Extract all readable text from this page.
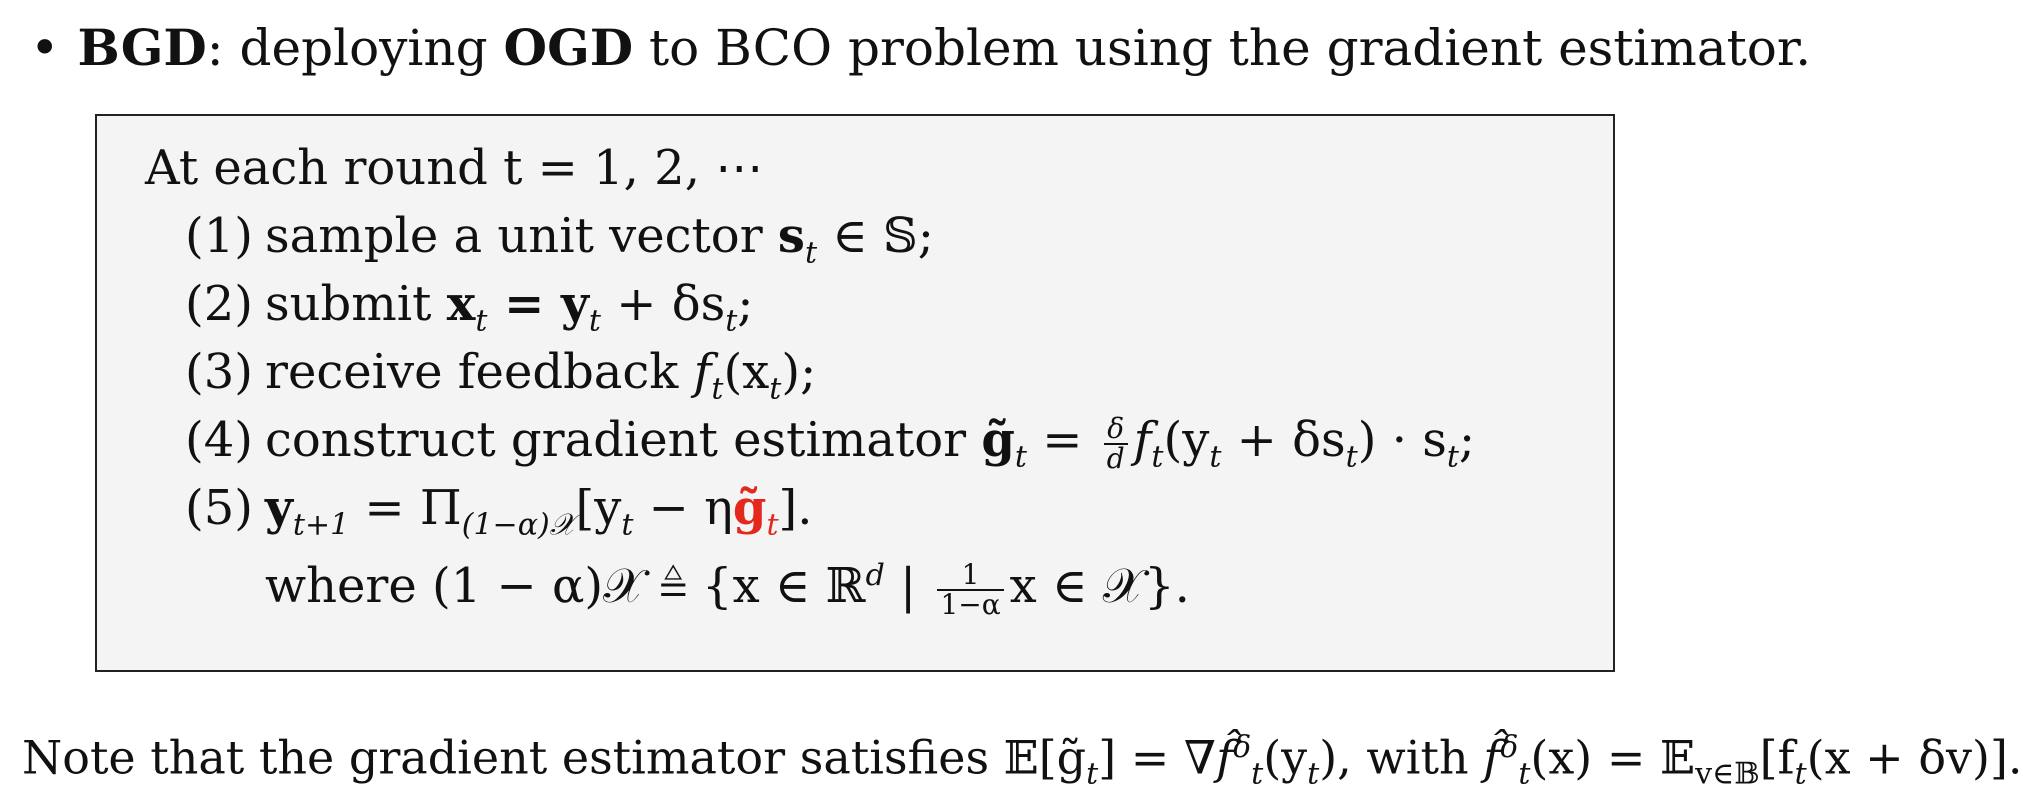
• BGD: deploying OGD to BCO problem using the gradient estimator.
At each round t = 1, 2, ⋯
(1) sample a unit vector $s_t$ ∈ 𝕊;
(2) submit $x_t = y_t + \delta s_t$;
(3) receive feedback $f_t(x_t)$;
(4) construct gradient estimator $g̃_t = \frac{\delta}{d} f_t(y_t + \delta s_t) \cdot s_t$;
(5) $y_{t+1} = \Pi_{(1-\alpha)𝒳}[y_t$ − $\eta g̃_t$].
where (1 − α)𝒳 ≜ {x ∈ ℝ$^d$ | $\frac{1}{1-\alpha}$ x ∈ 𝒳}.
Note that the gradient estimator satisfies $𝔼[g̃_t]$ = $\nabla f̂^\delta_t(y_t)$, with f̂$^\delta_t$(x) = $𝔼_{v\in 𝔹}[f_t(x + \delta v)]$.
